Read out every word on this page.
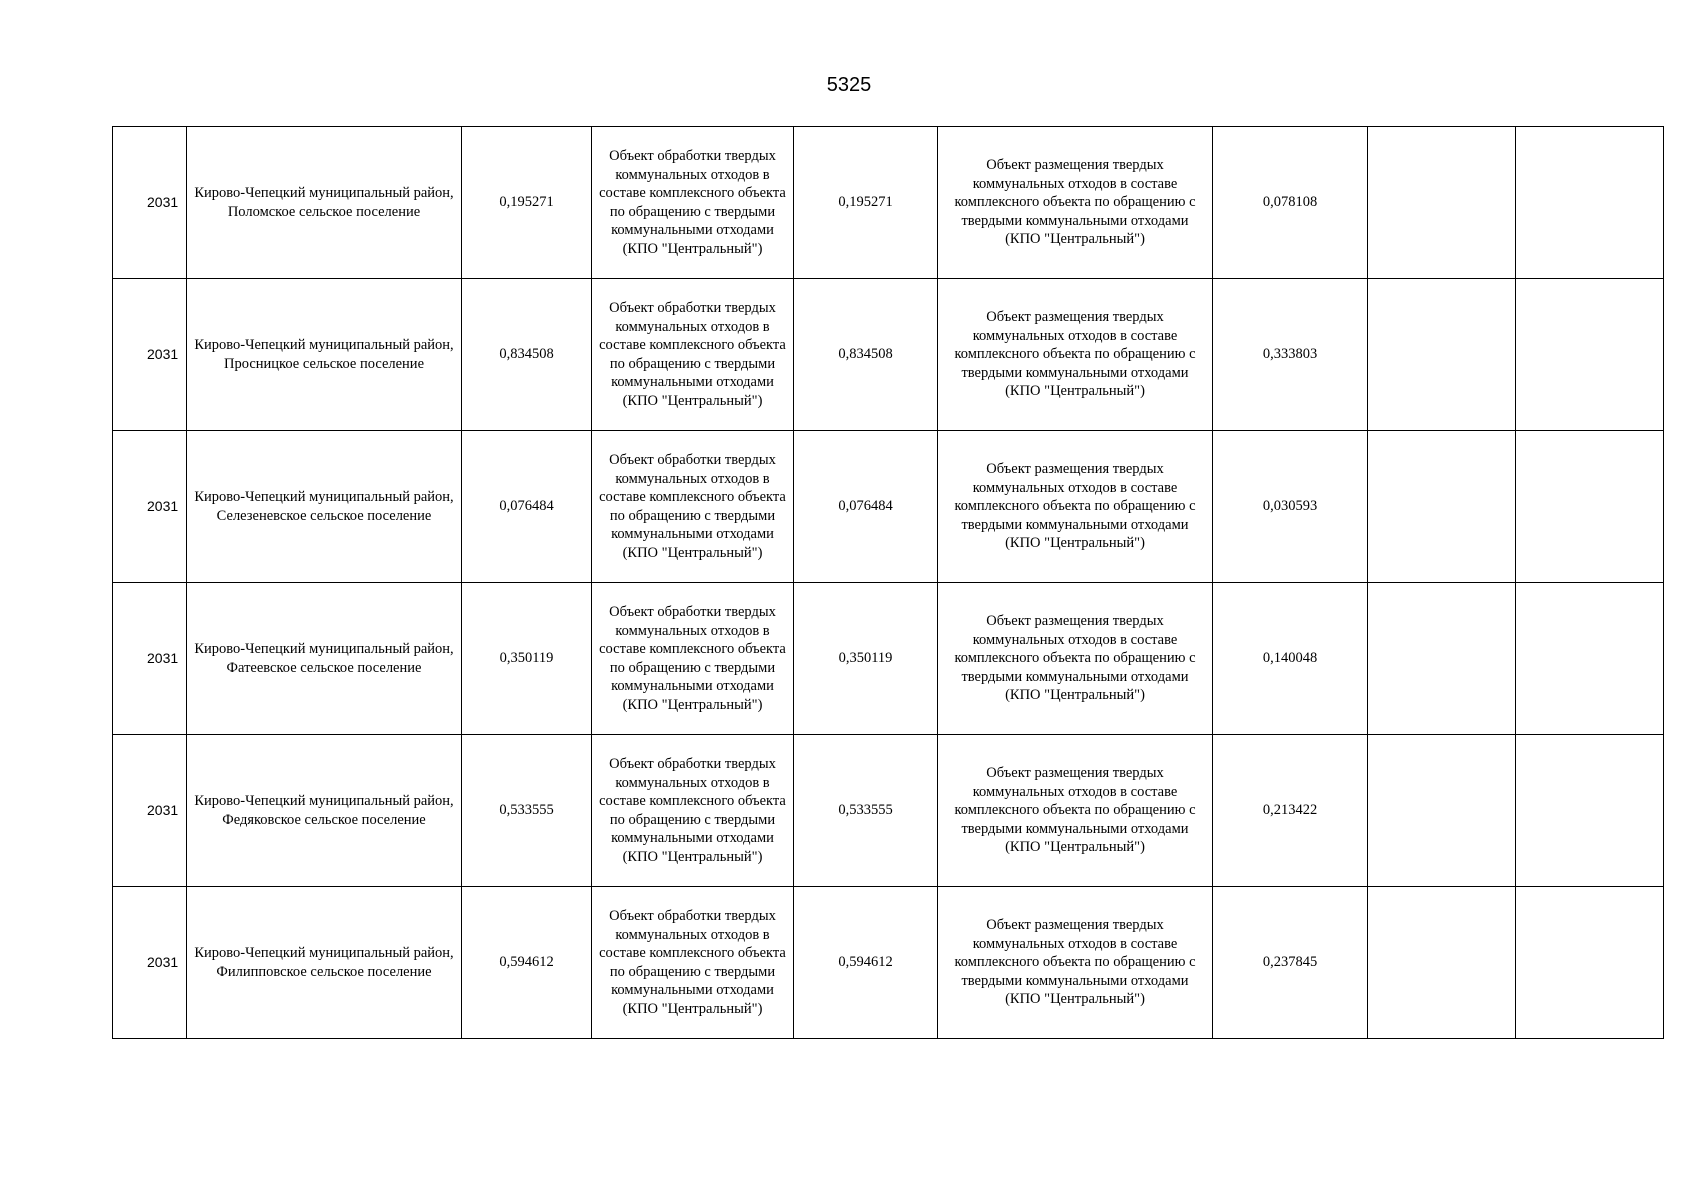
5325
2031	Кирово-Чепецкий муниципальный район, Поломское сельское поселение	0,195271	Объект обработки твердых коммунальных отходов в составе комплексного объекта по обращению с твердыми коммунальными отходами (КПО "Центральный")	0,195271	Объект размещения твердых коммунальных отходов в составе комплексного объекта по обращению с твердыми коммунальными отходами (КПО "Центральный")	0,078108		

2031	Кирово-Чепецкий муниципальный район, Просницкое сельское поселение	0,834508	Объект обработки твердых коммунальных отходов в составе комплексного объекта по обращению с твердыми коммунальными отходами (КПО "Центральный")	0,834508	Объект размещения твердых коммунальных отходов в составе комплексного объекта по обращению с твердыми коммунальными отходами (КПО "Центральный")	0,333803		

2031	Кирово-Чепецкий муниципальный район, Селезеневское сельское поселение	0,076484	Объект обработки твердых коммунальных отходов в составе комплексного объекта по обращению с твердыми коммунальными отходами (КПО "Центральный")	0,076484	Объект размещения твердых коммунальных отходов в составе комплексного объекта по обращению с твердыми коммунальными отходами (КПО "Центральный")	0,030593		

2031	Кирово-Чепецкий муниципальный район, Фатеевское сельское поселение	0,350119	Объект обработки твердых коммунальных отходов в составе комплексного объекта по обращению с твердыми коммунальными отходами (КПО "Центральный")	0,350119	Объект размещения твердых коммунальных отходов в составе комплексного объекта по обращению с твердыми коммунальными отходами (КПО "Центральный")	0,140048		

2031	Кирово-Чепецкий муниципальный район, Федяковское сельское поселение	0,533555	Объект обработки твердых коммунальных отходов в составе комплексного объекта по обращению с твердыми коммунальными отходами (КПО "Центральный")	0,533555	Объект размещения твердых коммунальных отходов в составе комплексного объекта по обращению с твердыми коммунальными отходами (КПО "Центральный")	0,213422		

2031	Кирово-Чепецкий муниципальный район, Филипповское сельское поселение	0,594612	Объект обработки твердых коммунальных отходов в составе комплексного объекта по обращению с твердыми коммунальными отходами (КПО "Центральный")	0,594612	Объект размещения твердых коммунальных отходов в составе комплексного объекта по обращению с твердыми коммунальными отходами (КПО "Центральный")	0,237845		
